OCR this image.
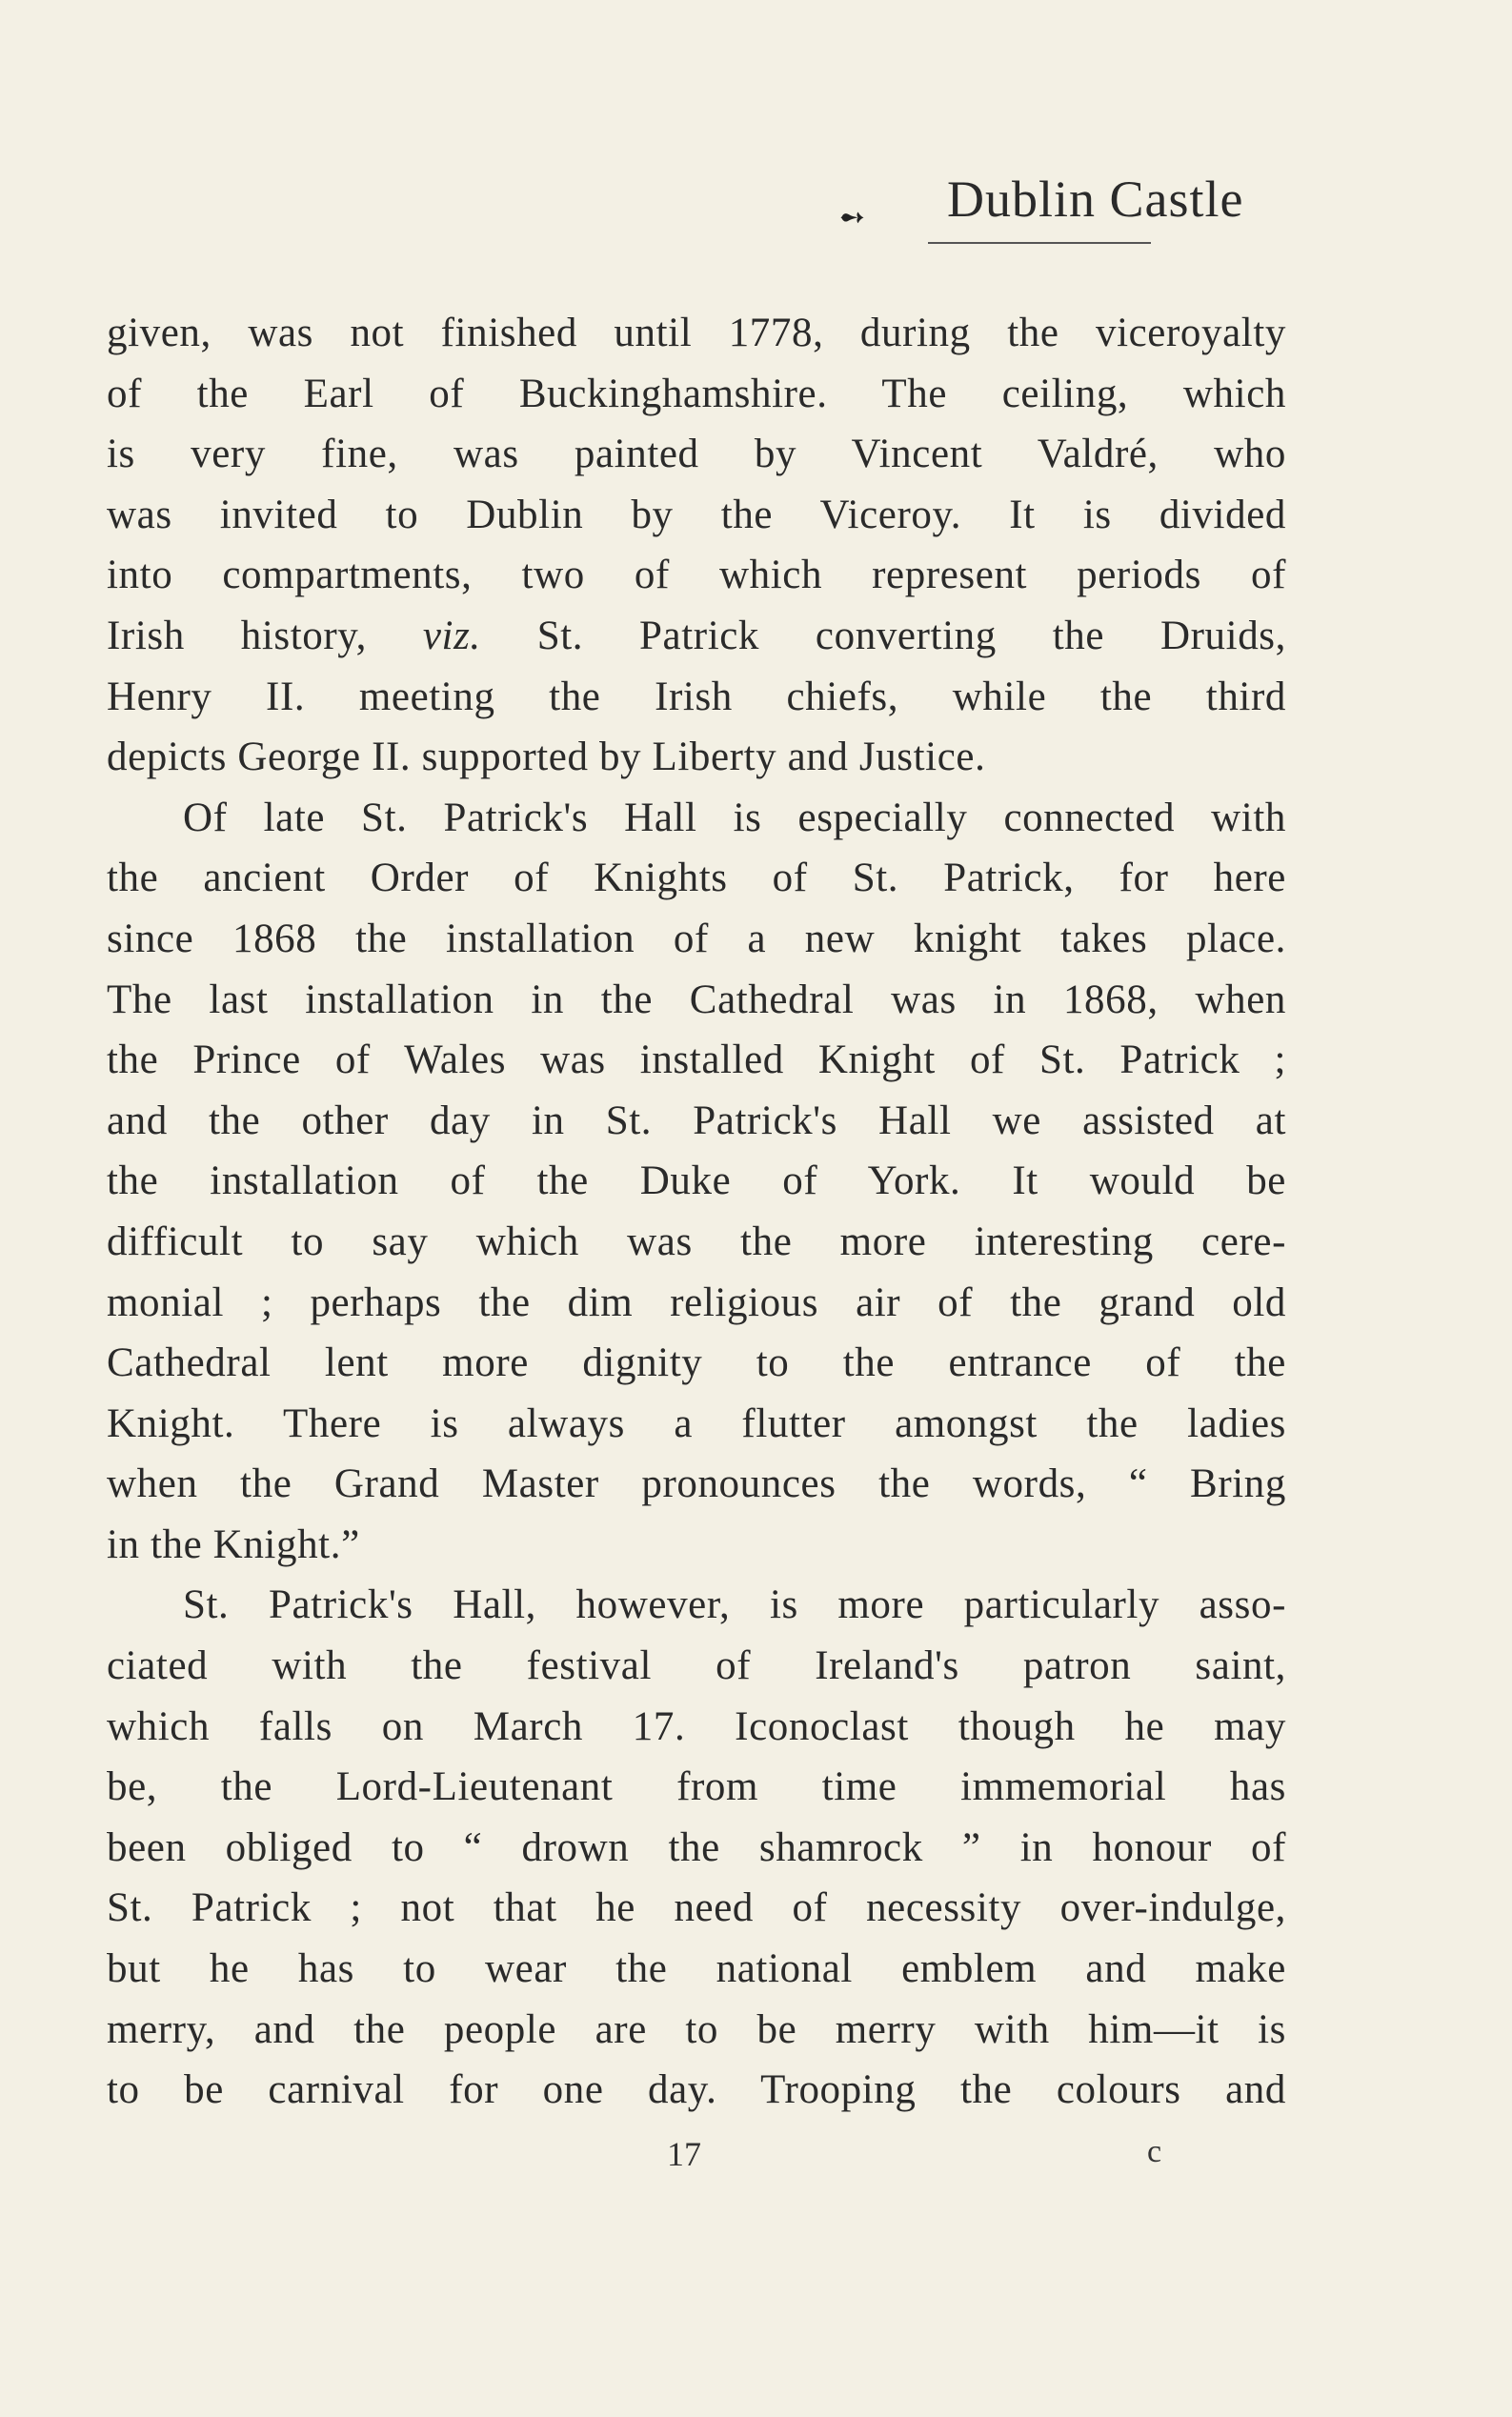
➻ Dublin Castle
given, was not finished until 1778, during the viceroyalty
of the Earl of Buckinghamshire. The ceiling, which
is very fine, was painted by Vincent Valdré, who
was invited to Dublin by the Viceroy. It is divided
into compartments, two of which represent periods of
Irish history, viz. St. Patrick converting the Druids,
Henry II. meeting the Irish chiefs, while the third
depicts George II. supported by Liberty and Justice.
Of late St. Patrick's Hall is especially connected with
the ancient Order of Knights of St. Patrick, for here
since 1868 the installation of a new knight takes place.
The last installation in the Cathedral was in 1868, when
the Prince of Wales was installed Knight of St. Patrick ;
and the other day in St. Patrick's Hall we assisted at
the installation of the Duke of York. It would be
difficult to say which was the more interesting cere-
monial ; perhaps the dim religious air of the grand old
Cathedral lent more dignity to the entrance of the
Knight. There is always a flutter amongst the ladies
when the Grand Master pronounces the words, “ Bring
in the Knight.”
St. Patrick's Hall, however, is more particularly asso-
ciated with the festival of Ireland's patron saint,
which falls on March 17. Iconoclast though he may
be, the Lord-Lieutenant from time immemorial has
been obliged to “ drown the shamrock ” in honour of
St. Patrick ; not that he need of necessity over-indulge,
but he has to wear the national emblem and make
merry, and the people are to be merry with him—it is
to be carnival for one day. Trooping the colours and
17	c
